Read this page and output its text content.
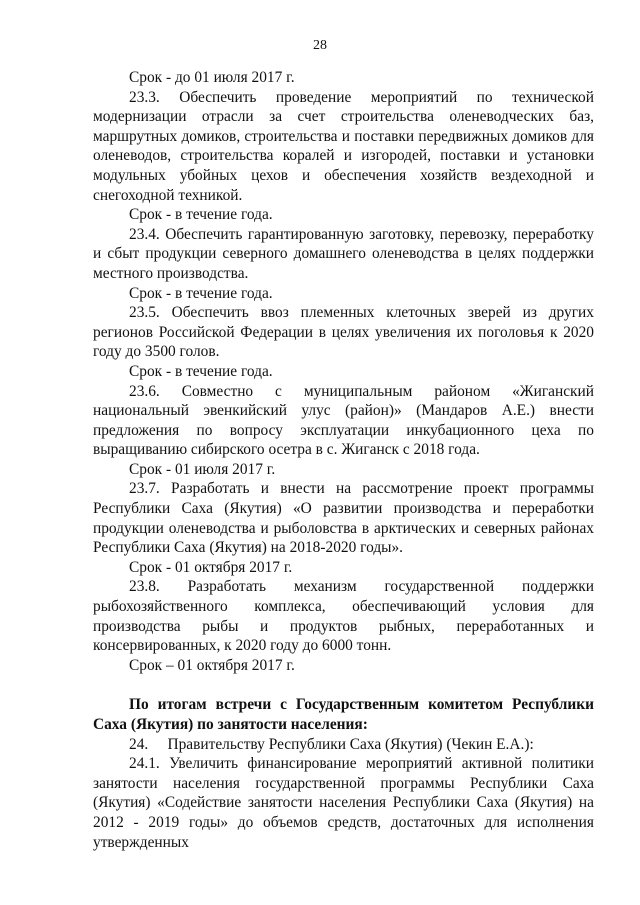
28

Срок - до 01 июля 2017 г.

23.3. Обеспечить проведение мероприятий по технической модернизации отрасли за счет строительства оленеводческих баз, маршрутных домиков, строительства и поставки передвижных домиков для оленеводов, строительства коралей и изгородей, поставки и установки модульных убойных цехов и обеспечения хозяйств вездеходной и снегоходной техникой.

Срок - в течение года.

23.4. Обеспечить гарантированную заготовку, перевозку, переработку и сбыт продукции северного домашнего оленеводства в целях поддержки местного производства.

Срок - в течение года.

23.5. Обеспечить ввоз племенных клеточных зверей из других регионов Российской Федерации в целях увеличения их поголовья к 2020 году до 3500 голов.

Срок - в течение года.

23.6. Совместно с муниципальным районом «Жиганский национальный эвенкийский улус (район)» (Мандаров А.Е.) внести предложения по вопросу эксплуатации инкубационного цеха по выращиванию сибирского осетра в с. Жиганск с 2018 года.

Срок - 01 июля 2017 г.

23.7. Разработать и внести на рассмотрение проект программы Республики Саха (Якутия) «О развитии производства и переработки продукции оленеводства и рыболовства в арктических и северных районах Республики Саха (Якутия) на 2018-2020 годы».

Срок - 01 октября 2017 г.

23.8. Разработать механизм государственной поддержки рыбохозяйственного комплекса, обеспечивающий условия для производства рыбы и продуктов рыбных, переработанных и консервированных, к 2020 году до 6000 тонн.

Срок – 01 октября 2017 г.

По итогам встречи с Государственным комитетом Республики Саха (Якутия) по занятости населения:

24.     Правительству Республики Саха (Якутия) (Чекин Е.А.):

24.1. Увеличить финансирование мероприятий активной политики занятости населения государственной программы Республики Саха (Якутия) «Содействие занятости населения Республики Саха (Якутия) на 2012 - 2019 годы» до объемов средств, достаточных для исполнения утвержденных
